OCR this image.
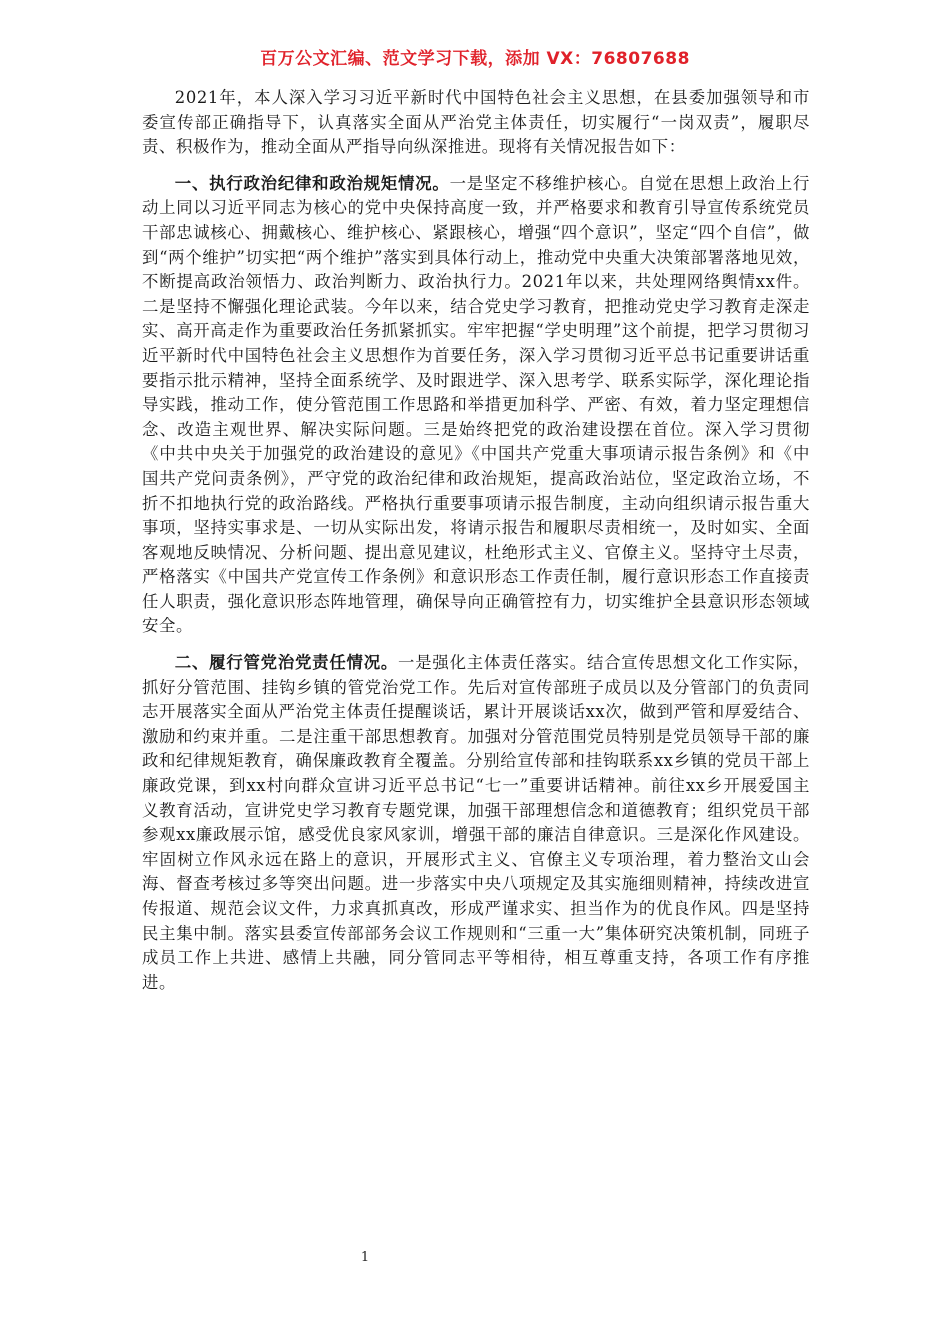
百万公文汇编、范文学习下载，添加 VX：76807688

2021年，本人深入学习习近平新时代中国特色社会主义思想，在县委加强领导和市委宣传部正确指导下，认真落实全面从严治党主体责任，切实履行“一岗双责”，履职尽责、积极作为，推动全面从严指导向纵深推进。现将有关情况报告如下：

一、执行政治纪律和政治规矩情况。一是坚定不移维护核心。自觉在思想上政治上行动上同以习近平同志为核心的党中央保持高度一致，并严格要求和教育引导宣传系统党员干部忠诚核心、拥戴核心、维护核心、紧跟核心，增强“四个意识”，坚定“四个自信”，做到“两个维护”切实把“两个维护”落实到具体行动上，推动党中央重大决策部署落地见效，不断提高政治领悟力、政治判断力、政治执行力。2021年以来，共处理网络舆情xx件。二是坚持不懈强化理论武装。今年以来，结合党史学习教育，把推动党史学习教育走深走实、高开高走作为重要政治任务抓紧抓实。牢牢把握“学史明理”这个前提，把学习贯彻习近平新时代中国特色社会主义思想作为首要任务，深入学习贯彻习近平总书记重要讲话重要指示批示精神，坚持全面系统学、及时跟进学、深入思考学、联系实际学，深化理论指导实践，推动工作，使分管范围工作思路和举措更加科学、严密、有效，着力坚定理想信念、改造主观世界、解决实际问题。三是始终把党的政治建设摆在首位。深入学习贯彻《中共中央关于加强党的政治建设的意见》《中国共产党重大事项请示报告条例》和《中国共产党问责条例》，严守党的政治纪律和政治规矩，提高政治站位，坚定政治立场，不折不扣地执行党的政治路线。严格执行重要事项请示报告制度，主动向组织请示报告重大事项，坚持实事求是、一切从实际出发，将请示报告和履职尽责相统一，及时如实、全面客观地反映情况、分析问题、提出意见建议，杜绝形式主义、官僚主义。坚持守土尽责，严格落实《中国共产党宣传工作条例》和意识形态工作责任制，履行意识形态工作直接责任人职责，强化意识形态阵地管理，确保导向正确管控有力，切实维护全县意识形态领域安全。

二、履行管党治党责任情况。一是强化主体责任落实。结合宣传思想文化工作实际，抓好分管范围、挂钩乡镇的管党治党工作。先后对宣传部班子成员以及分管部门的负责同志开展落实全面从严治党主体责任提醒谈话，累计开展谈话xx次，做到严管和厚爱结合、激励和约束并重。二是注重干部思想教育。加强对分管范围党员特别是党员领导干部的廉政和纪律规矩教育，确保廉政教育全覆盖。分别给宣传部和挂钩联系xx乡镇的党员干部上廉政党课，到xx村向群众宣讲习近平总书记“七一”重要讲话精神。前往xx乡开展爱国主义教育活动，宣讲党史学习教育专题党课，加强干部理想信念和道德教育；组织党员干部参观xx廉政展示馆，感受优良家风家训，增强干部的廉洁自律意识。三是深化作风建设。牢固树立作风永远在路上的意识，开展形式主义、官僚主义专项治理，着力整治文山会海、督查考核过多等突出问题。进一步落实中央八项规定及其实施细则精神，持续改进宣传报道、规范会议文件，力求真抓真改，形成严谨求实、担当作为的优良作风。四是坚持民主集中制。落实县委宣传部部务会议工作规则和“三重一大”集体研究决策机制，同班子成员工作上共进、感情上共融，同分管同志平等相待，相互尊重支持，各项工作有序推进。

1
